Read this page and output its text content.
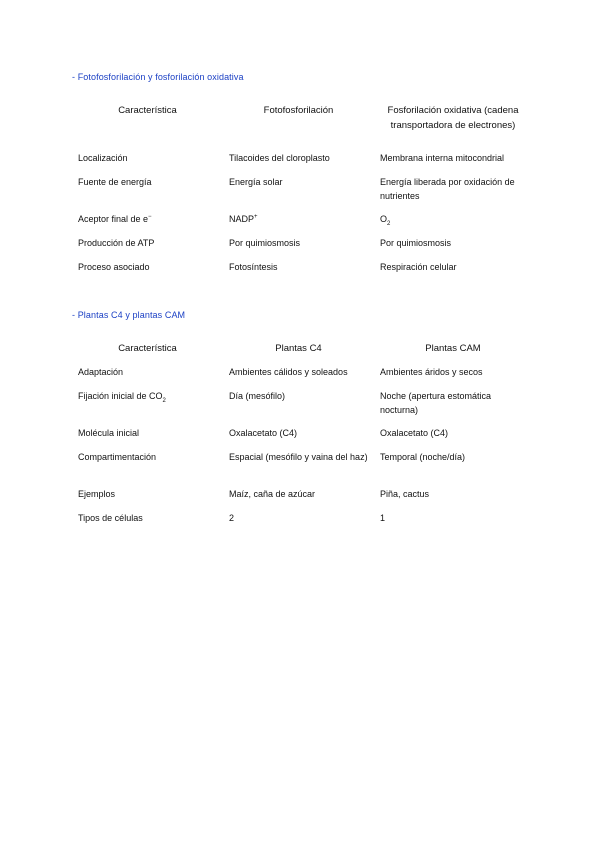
- Fotofosforilación y fosforilación oxidativa
Característica	Fotofosforilación	Fosforilación oxidativa (cadena transportadora de electrones)
Localización	Tilacoides del cloroplasto	Membrana interna mitocondrial
Fuente de energía	Energía solar	Energía liberada por oxidación de nutrientes
Aceptor final de e−	NADP+	$O_2$
Producción de ATP	Por quimiosmosis	Por quimiosmosis
Proceso asociado	Fotosíntesis	Respiración celular
- Plantas C4 y plantas CAM
Característica	Plantas C4	Plantas CAM
Adaptación	Ambientes cálidos y soleados	Ambientes áridos y secos
Fijación inicial de $CO_2$	Día (mesófilo)	Noche (apertura estomática nocturna)
Molécula inicial	Oxalacetato (C4)	Oxalacetato (C4)
Compartimentación	Espacial (mesófilo y vaina del haz)	Temporal (noche/día)
Ejemplos	Maíz, caña de azúcar	Piña, cactus
Tipos de células	2	1
